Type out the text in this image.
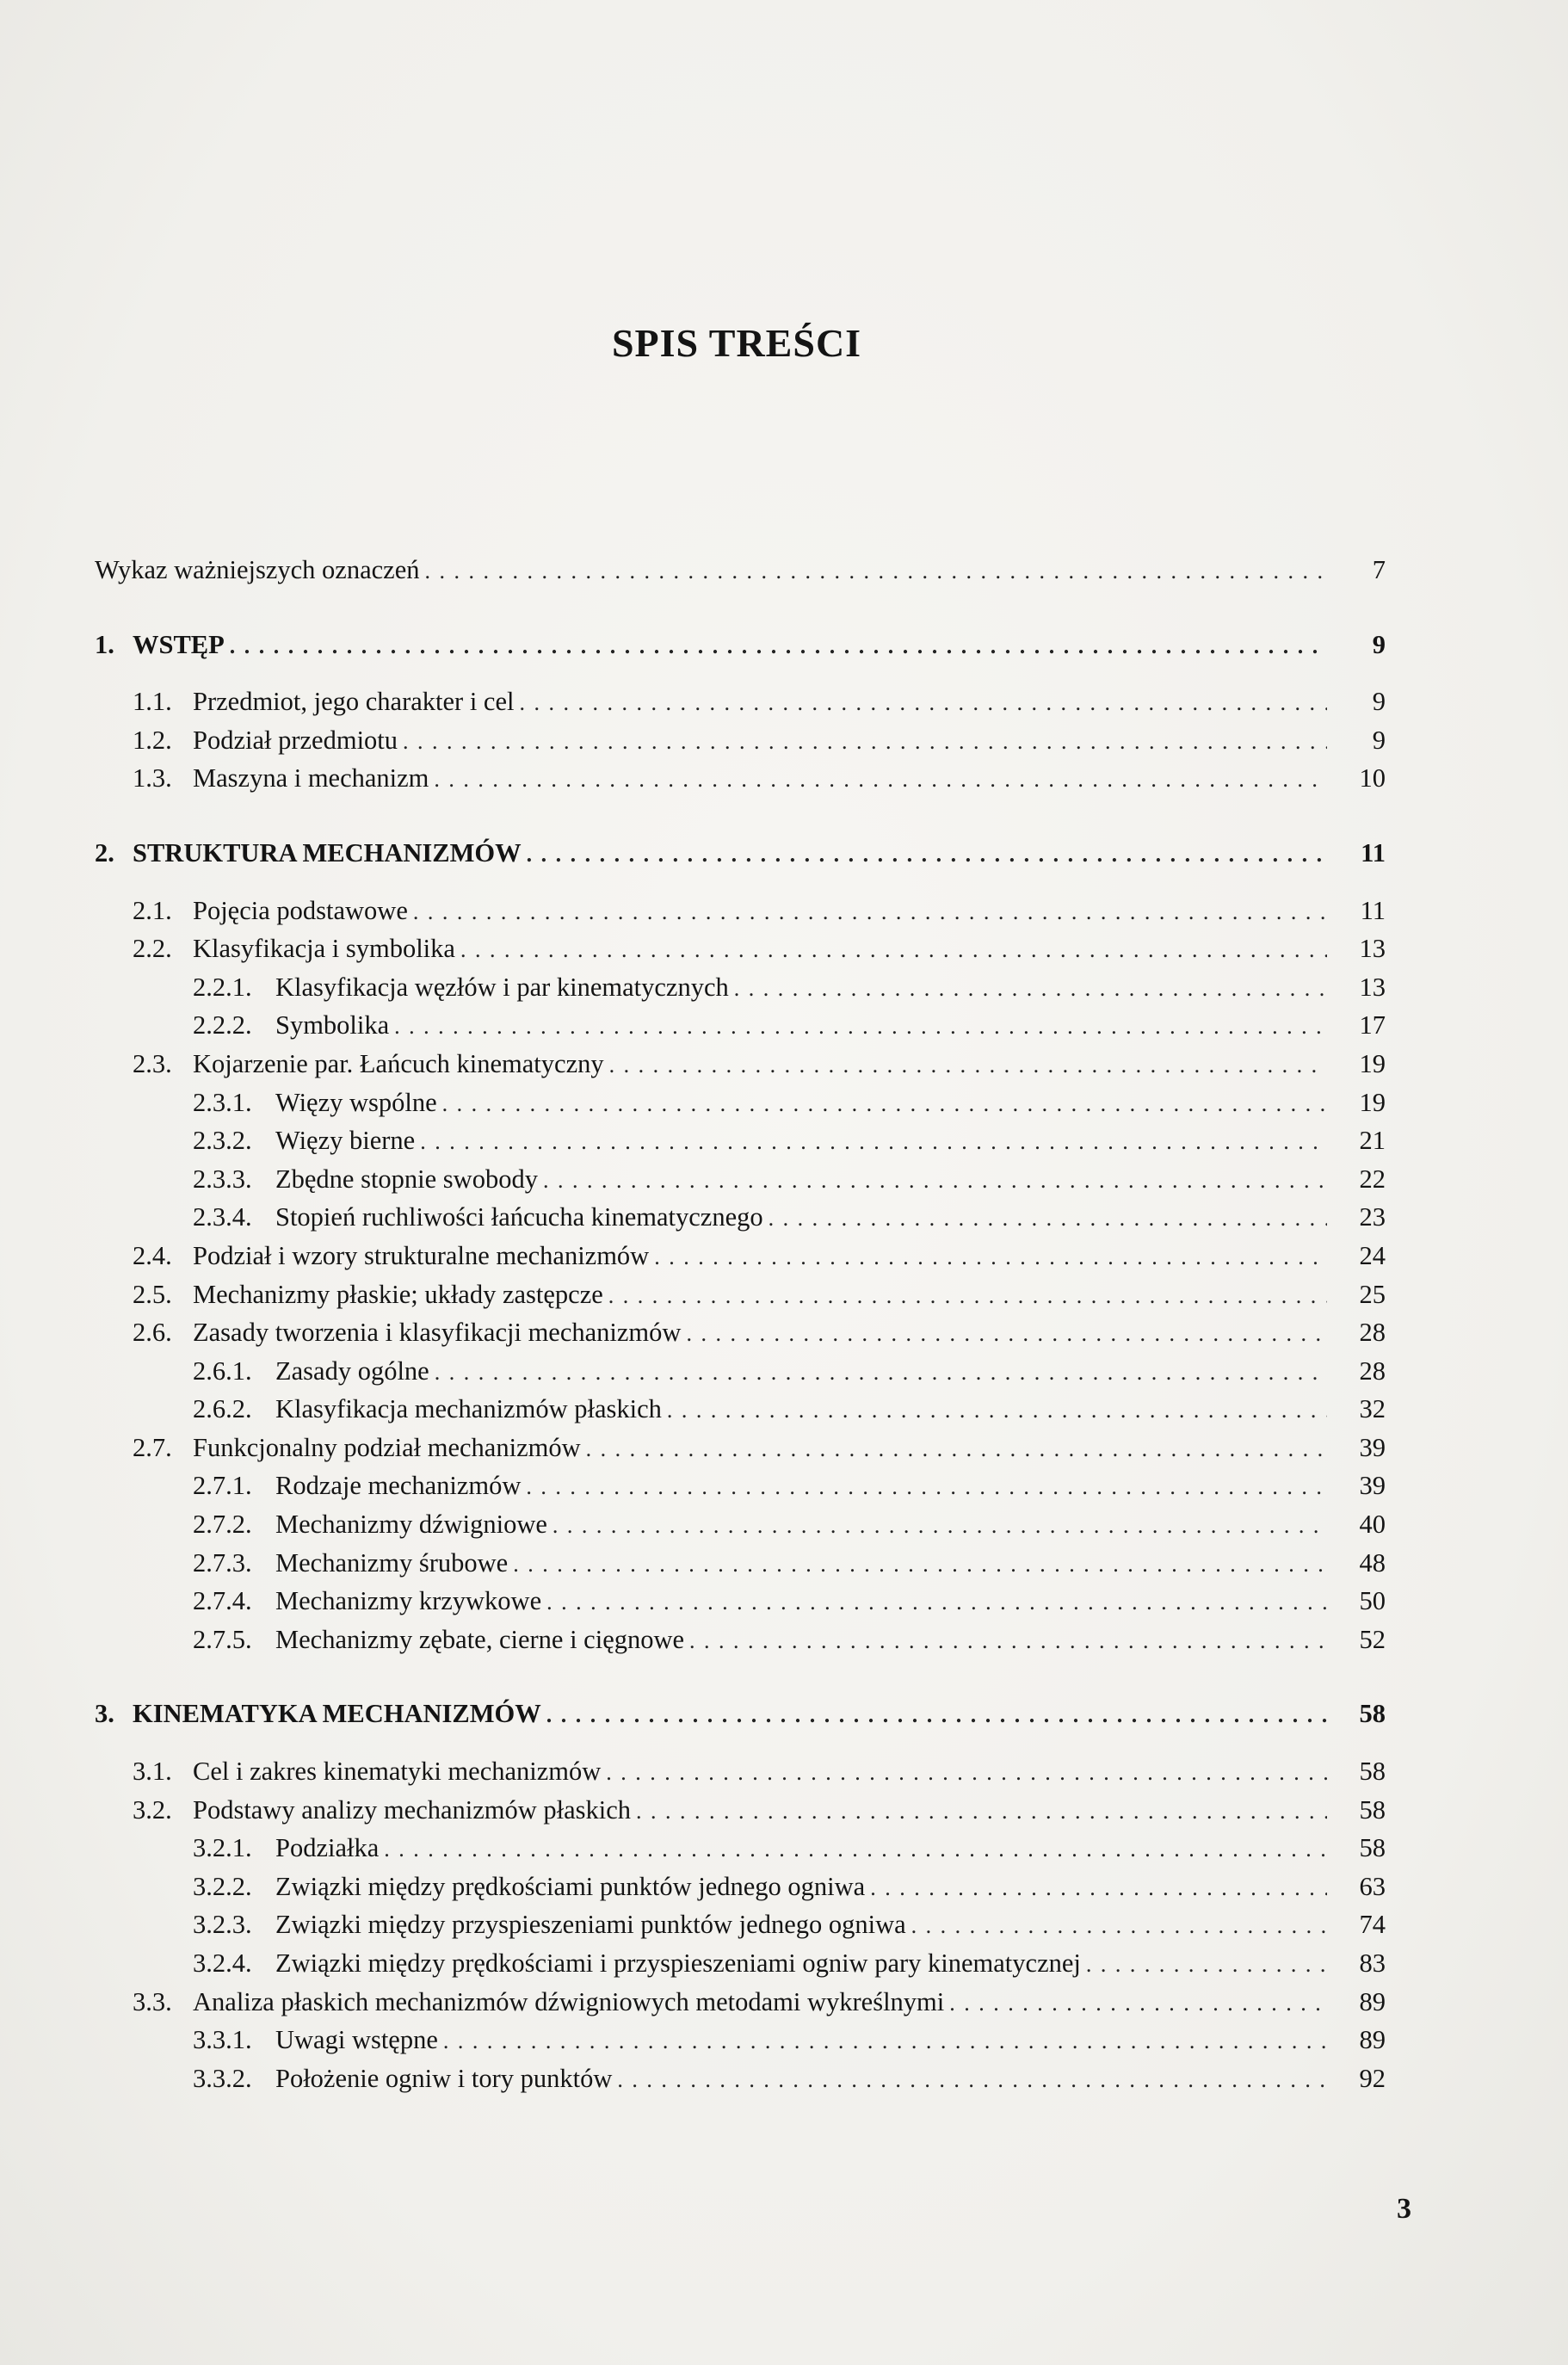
SPIS TREŚCI
Wykaz ważniejszych oznaczeń . . .	7
1. WSTĘP . . .	9
1.1. Przedmiot, jego charakter i cel . . .	9
1.2. Podział przedmiotu . . .	9
1.3. Maszyna i mechanizm . . .	10
2. STRUKTURA MECHANIZMÓW . . .	11
2.1. Pojęcia podstawowe . . .	11
2.2. Klasyfikacja i symbolika . . .	13
2.2.1. Klasyfikacja węzłów i par kinematycznych . . .	13
2.2.2. Symbolika . . .	17
2.3. Kojarzenie par. Łańcuch kinematyczny . . .	19
2.3.1. Więzy wspólne . . .	19
2.3.2. Więzy bierne . . .	21
2.3.3. Zbędne stopnie swobody . . .	22
2.3.4. Stopień ruchliwości łańcucha kinematycznego . . .	23
2.4. Podział i wzory strukturalne mechanizmów . . .	24
2.5. Mechanizmy płaskie; układy zastępcze . . .	25
2.6. Zasady tworzenia i klasyfikacji mechanizmów . . .	28
2.6.1. Zasady ogólne . . .	28
2.6.2. Klasyfikacja mechanizmów płaskich . . .	32
2.7. Funkcjonalny podział mechanizmów . . .	39
2.7.1. Rodzaje mechanizmów . . .	39
2.7.2. Mechanizmy dźwigniowe . . .	40
2.7.3. Mechanizmy śrubowe . . .	48
2.7.4. Mechanizmy krzywkowe . . .	50
2.7.5. Mechanizmy zębate, cierne i cięgnowe . . .	52
3. KINEMATYKA MECHANIZMÓW . . .	58
3.1. Cel i zakres kinematyki mechanizmów . . .	58
3.2. Podstawy analizy mechanizmów płaskich . . .	58
3.2.1. Podziałka . . .	58
3.2.2. Związki między prędkościami punktów jednego ogniwa . . .	63
3.2.3. Związki między przyspieszeniami punktów jednego ogniwa . . .	74
3.2.4. Związki między prędkościami i przyspieszeniami ogniw pary kinematycznej . . .	83
3.3. Analiza płaskich mechanizmów dźwigniowych metodami wykreślnymi . . .	89
3.3.1. Uwagi wstępne . . .	89
3.3.2. Położenie ogniw i tory punktów . . .	92
3
